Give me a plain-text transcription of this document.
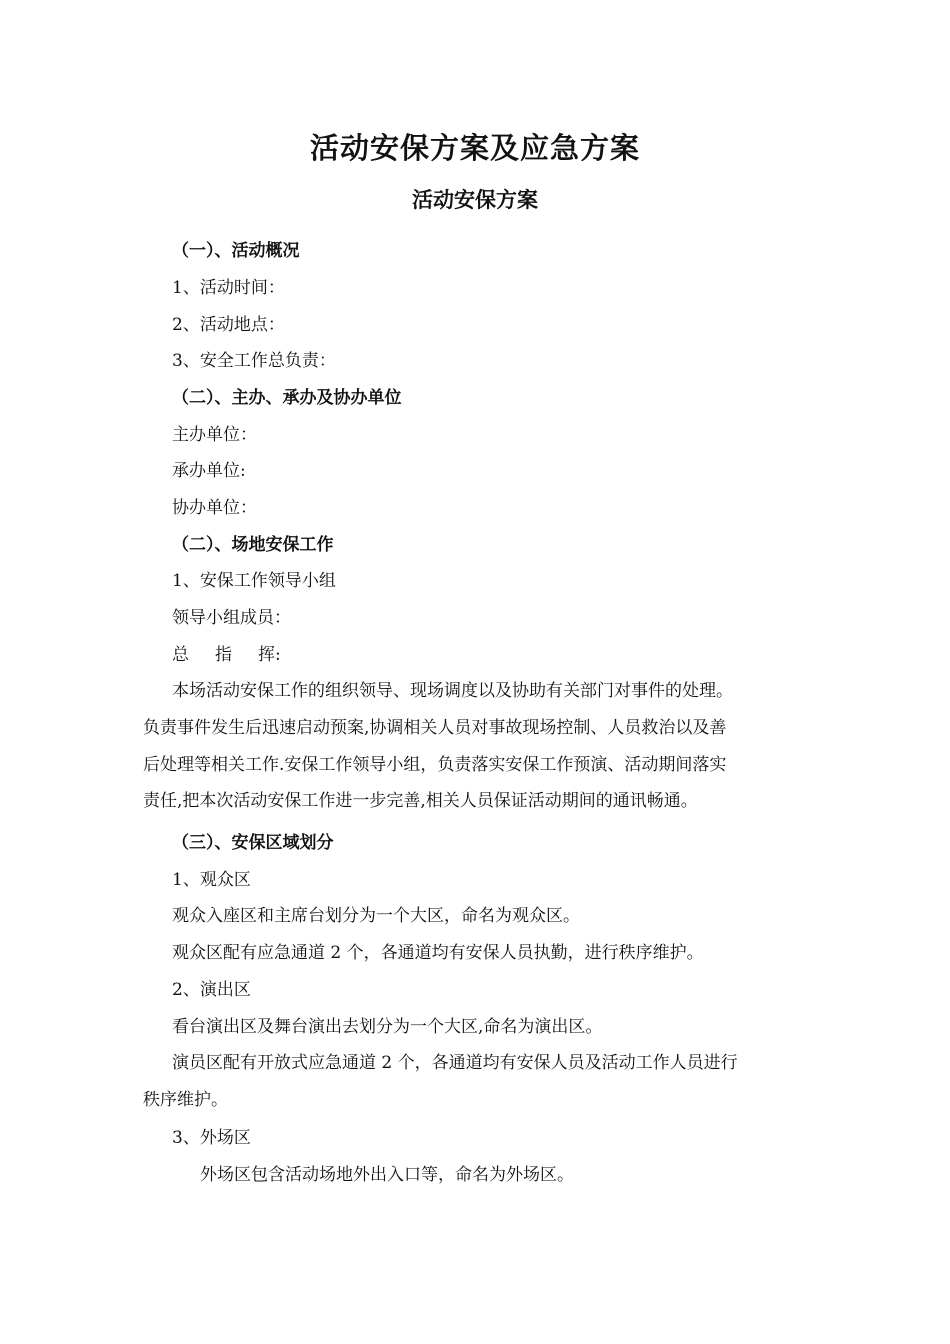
活动安保方案及应急方案
活动安保方案
（一）、活动概况
1、活动时间：
2、活动地点：
3、安全工作总负责：
（二）、主办、承办及协办单位
主办单位：
承办单位:
协办单位：
（二）、场地安保工作
1、安保工作领导小组
领导小组成员：
总 指 挥:
本场活动安保工作的组织领导、现场调度以及协助有关部门对事件的处理。
负责事件发生后迅速启动预案,协调相关人员对事故现场控制、人员救治以及善
后处理等相关工作.安保工作领导小组，负责落实安保工作预演、活动期间落实
责任,把本次活动安保工作进一步完善,相关人员保证活动期间的通讯畅通。
（三）、安保区域划分
1、观众区
观众入座区和主席台划分为一个大区，命名为观众区。
观众区配有应急通道 2 个，各通道均有安保人员执勤，进行秩序维护。
2、演出区
看台演出区及舞台演出去划分为一个大区,命名为演出区。
演员区配有开放式应急通道 2 个，各通道均有安保人员及活动工作人员进行
秩序维护。
3、外场区
外场区包含活动场地外出入口等，命名为外场区。
